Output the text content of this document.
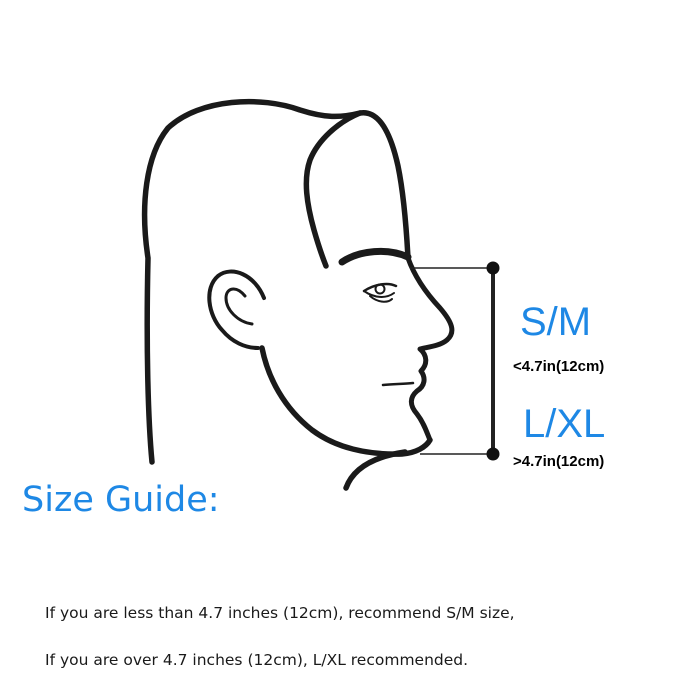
S/M
<4.7in(12cm)
L/XL
>4.7in(12cm)
Size Guide:
If you are less than 4.7 inches (12cm), recommend S/M size,
If you are over 4.7 inches (12cm), L/XL recommended.
